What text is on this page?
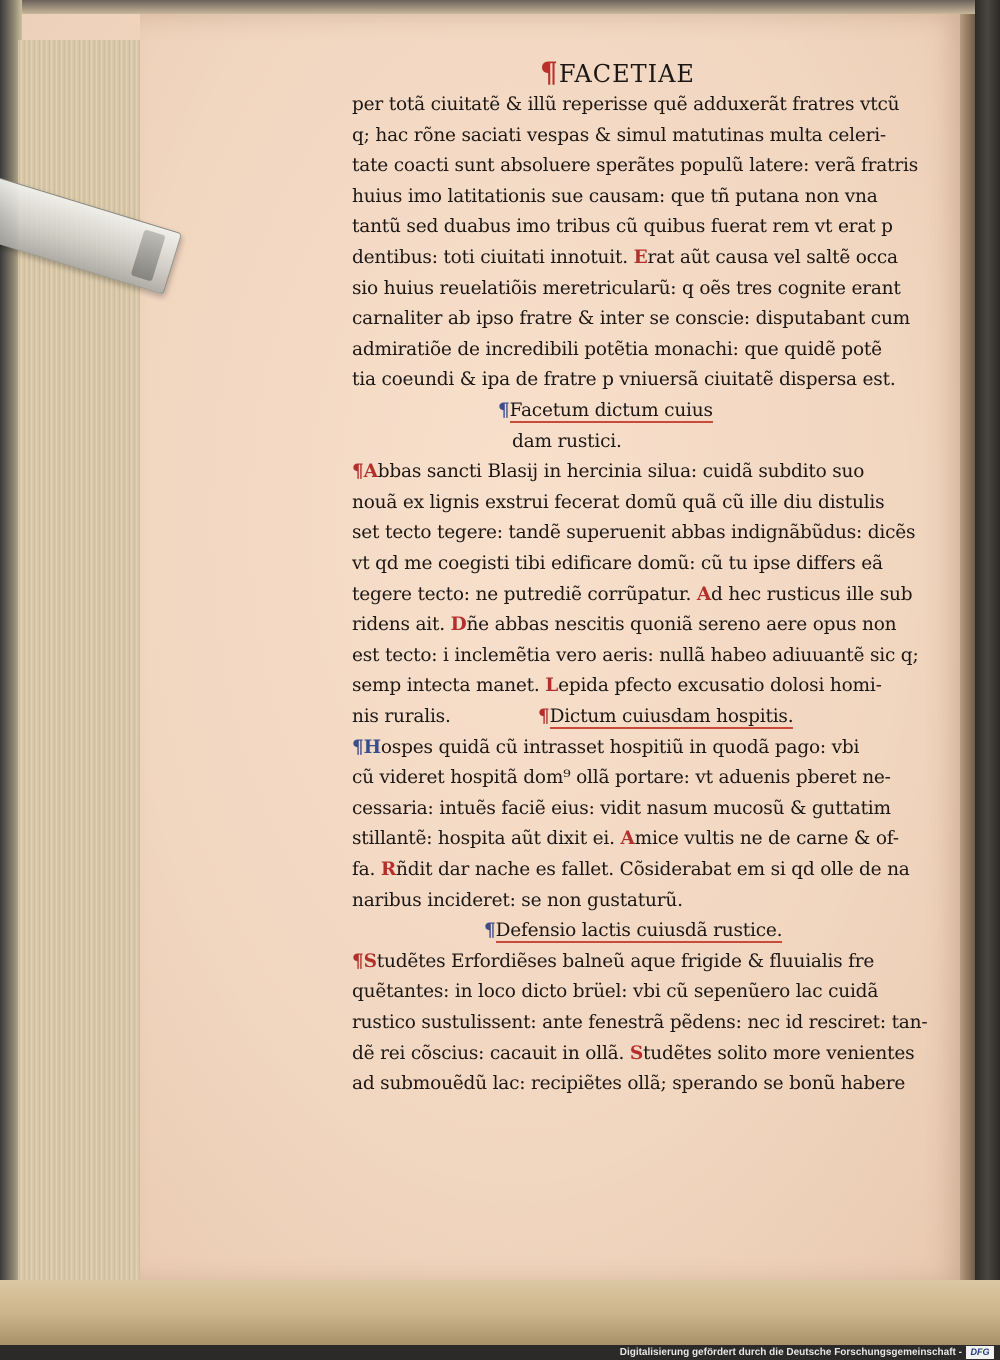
¶FACETIAE
per totã ciuitatẽ & illũ reperisse quẽ adduxerãt fratres vtcũ
q; hac rõne saciati vespas & simul matutinas multa celeri-
tate coacti sunt absoluere sperãtes populũ latere: verã fratris
huius imo latitationis sue causam: que tñ putana non vna
tantũ sed duabus imo tribus cũ quibus fuerat rem vt erat p
dentibus: toti ciuitati innotuit. Erat aũt causa vel saltẽ occa
sio huius reuelatiõis meretricularũ: q oẽs tres cognite erant
carnaliter ab ipso fratre & inter se conscie: disputabant cum
admiratiõe de incredibili potẽtia monachi: que quidẽ potẽ
tia coeundi & ipa de fratre p vniuersã ciuitatẽ dispersa est.
¶Facetum dictum cuius
dam rustici.
¶Abbas sancti Blasij in hercinia silua: cuidã subdito suo
nouã ex lignis exstrui fecerat domũ quã cũ ille diu distulis
set tecto tegere: tandẽ superuenit abbas indignãbũdus: dicẽs
vt qd me coegisti tibi edificare domũ: cũ tu ipse differs eã
tegere tecto: ne putrediẽ corrũpatur. Ad hec rusticus ille sub
ridens ait. Dñe abbas nescitis quoniã sereno aere opus non
est tecto: i inclemẽtia vero aeris: nullã habeo adiuuantẽ sic q;
semp intecta manet. Lepida pfecto excusatio dolosi homi-
nis ruralis.	¶Dictum cuiusdam hospitis.
¶Hospes quidã cũ intrasset hospitiũ in quodã pago: vbi
cũ videret hospitã dom⁹ ollã portare: vt aduenis pberet ne-
cessaria: intuẽs faciẽ eius: vidit nasum mucosũ & guttatim
stillantẽ: hospita aũt dixit ei. Amice vultis ne de carne & of-
fa. Rñdit dar nache es fallet. Cõsiderabat em si qd olle de na
naribus incideret: se non gustaturũ.
¶Defensio lactis cuiusdã rustice.
¶Studẽtes Erfordiẽses balneũ aque frigide & fluuialis fre
quẽtantes: in loco dicto brüel: vbi cũ sepenũero lac cuidã
rustico sustulissent: ante fenestrã pẽdens: nec id resciret: tan-
dẽ rei cõscius: cacauit in ollã. Studẽtes solito more venientes
ad submouẽdũ lac: recipiẽtes ollã; sperando se bonũ habere
Digitalisierung gefördert durch die Deutsche Forschungsgemeinschaft - DFG
